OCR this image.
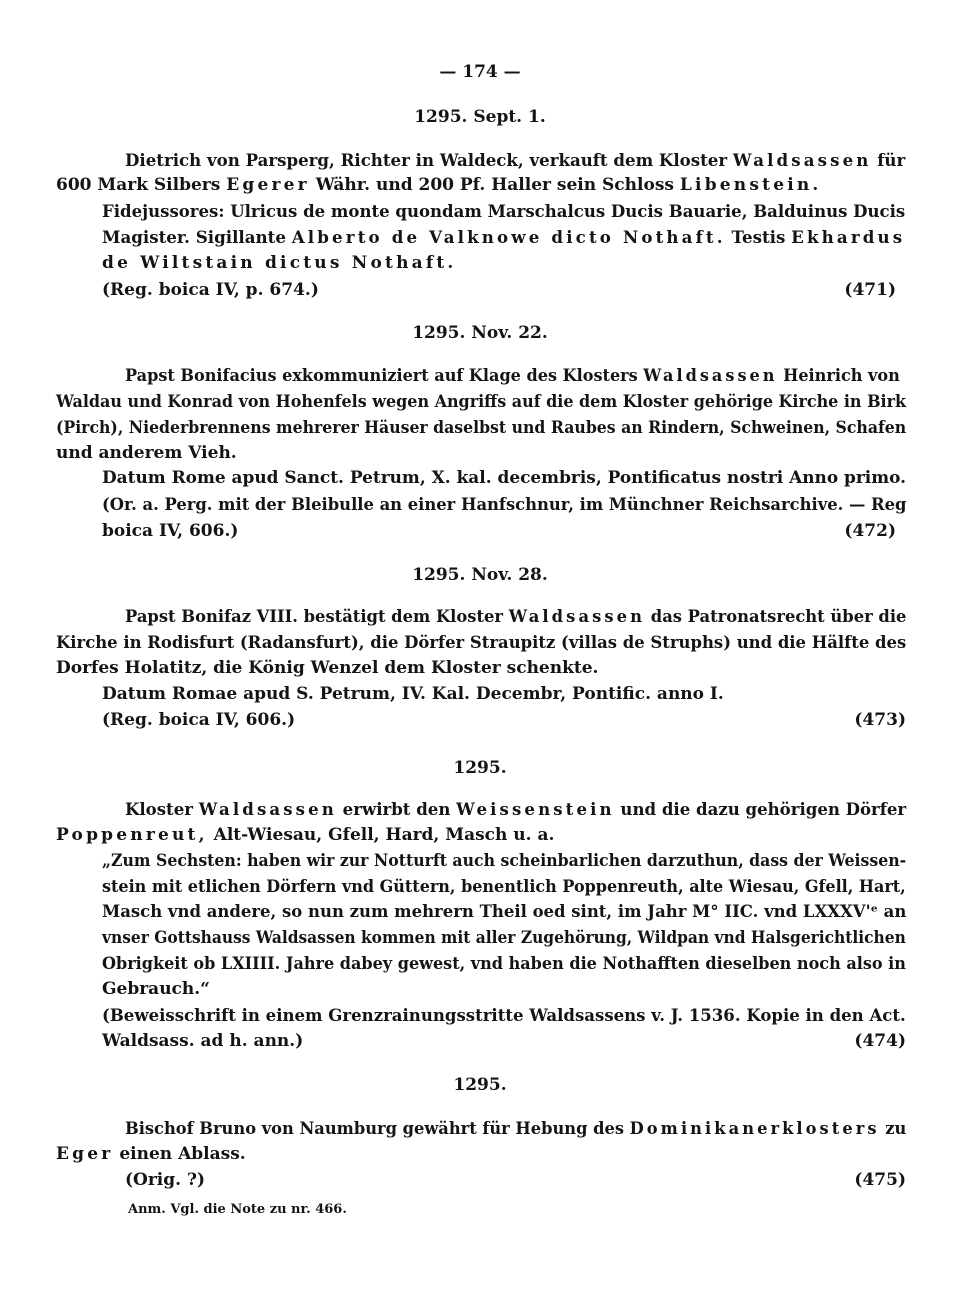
— 174 —
1295. Sept. 1.
Dietrich von Parsperg, Richter in Waldeck, verkauft dem Kloster Waldsassen für
600 Mark Silbers Egerer Währ. und 200 Pf. Haller sein Schloss Libenstein.
Fidejussores: Ulricus de monte quondam Marschalcus Ducis Bauarie, Balduinus Ducis
Magister. Sigillante Alberto de Valknowe dicto Nothaft. Testis Ekhardus
de Wiltstain dictus Nothaft.
(Reg. boica IV, p. 674.)	(471)
1295. Nov. 22.
Papst Bonifacius exkommuniziert auf Klage des Klosters Waldsassen Heinrich von
Waldau und Konrad von Hohenfels wegen Angriffs auf die dem Kloster gehörige Kirche in Birk
(Pirch), Niederbrennens mehrerer Häuser daselbst und Raubes an Rindern, Schweinen, Schafen
und anderem Vieh.
Datum Rome apud Sanct. Petrum, X. kal. decembris, Pontificatus nostri Anno primo.
(Or. a. Perg. mit der Bleibulle an einer Hanfschnur, im Münchner Reichsarchive. — Reg
boica IV, 606.)	(472)
1295. Nov. 28.
Papst Bonifaz VIII. bestätigt dem Kloster Waldsassen das Patronatsrecht über die
Kirche in Rodisfurt (Radansfurt), die Dörfer Straupitz (villas de Struphs) und die Hälfte des
Dorfes Holatitz, die König Wenzel dem Kloster schenkte.
Datum Romae apud S. Petrum, IV. Kal. Decembr, Pontific. anno I.
(Reg. boica IV, 606.)	(473)
1295.
Kloster Waldsassen erwirbt den Weissenstein und die dazu gehörigen Dörfer
Poppenreut, Alt-Wiesau, Gfell, Hard, Masch u. a.
„Zum Sechsten: haben wir zur Notturft auch scheinbarlichen darzuthun, dass der Weissen-
stein mit etlichen Dörfern vnd Güttern, benentlich Poppenreuth, alte Wiesau, Gfell, Hart,
Masch vnd andere, so nun zum mehrern Theil oed sint, im Jahr M° IIC. vnd LXXXV'ᵉ an
vnser Gottshauss Waldsassen kommen mit aller Zugehörung, Wildpan vnd Halsgerichtlichen
Obrigkeit ob LXIIII. Jahre dabey gewest, vnd haben die Nothafften dieselben noch also in
Gebrauch.“
(Beweisschrift in einem Grenzrainungsstritte Waldsassens v. J. 1536. Kopie in den Act.
Waldsass. ad h. ann.)	(474)
1295.
Bischof Bruno von Naumburg gewährt für Hebung des Dominikanerklosters zu
Eger einen Ablass.
(Orig. ?)	(475)
Anm. Vgl. die Note zu nr. 466.
